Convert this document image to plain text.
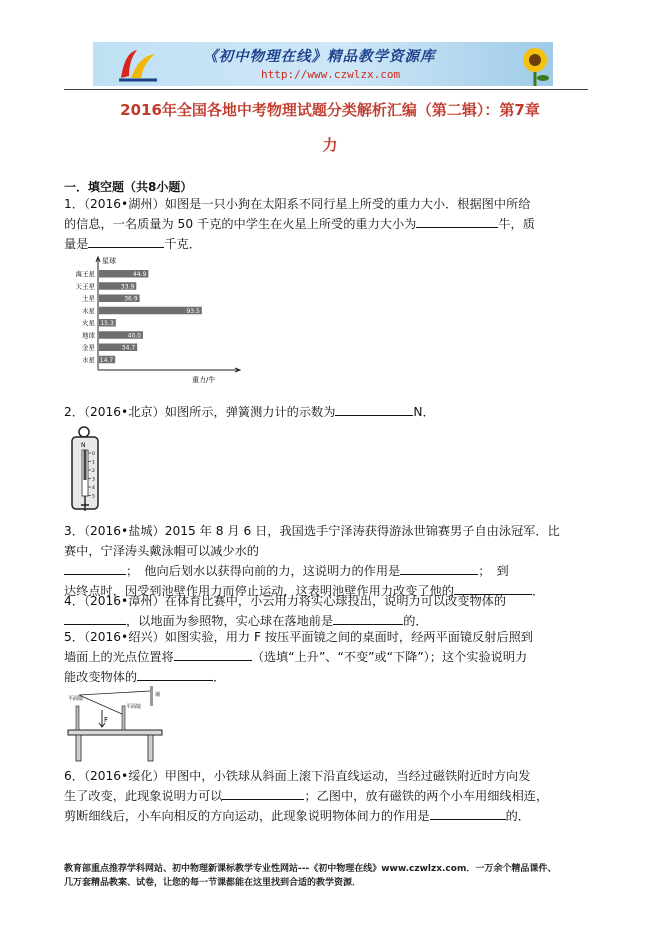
《初中物理在线》精品教学资源库
http://www.czwlzx.com
2016年全国各地中考物理试题分类解析汇编（第二辑）：第7章
力
一．填空题（共8小题）
1．（2016•湖州）如图是一只小狗在太阳系不同行星上所受的重力大小．根据图中所给
的信息，一名质量为 50 千克的中学生在火星上所受的重力大小为	牛，质
量是	千克．
星球
重力/牛
海王星	44.9
天王星	33.9
土星	36.9
木星	93.5
火星 15.3
地球	40.0
金星	34.7
水星 14.7
2．（2016•北京）如图所示，弹簧测力计的示数为	N．
N
0
1
2
3
4
5
3．（2016•盐城）2015 年 8 月 6 日，我国选手宁泽涛获得游泳世锦赛男子自由泳冠军．比
赛中，宁泽涛头戴泳帽可以减少水的
；　他向后划水以获得向前的力，这说明力的作用是	；　到
达终点时，因受到池壁作用力而停止运动，这表明池壁作用力改变了他的	．
4．（2016•漳州）在体育比赛中，小云用力将实心球投出，说明力可以改变物体的
，以地面为参照物，实心球在落地前是	的．
5．（2016•绍兴）如图实验，用力 F 按压平面镜之间的桌面时，经两平面镜反射后照到
墙面上的光点位置将	（选填“上升”、“不变”或“下降”）；这个实验说明力
能改变物体的	．
F
平面镜
平面镜
墙
6．（2016•绥化）甲图中，小铁球从斜面上滚下沿直线运动，当经过磁铁附近时方向发
生了改变，此现象说明力可以	；乙图中，放有磁铁的两个小车用细线相连，
剪断细线后，小车向相反的方向运动，此现象说明物体间力的作用是	的．
教育部重点推荐学科网站、初中物理新课标教学专业性网站---《初中物理在线》www.czwlzx.com．一万余个精品课件、
几万套精品教案、试卷，让您的每一节课都能在这里找到合适的教学资源．
